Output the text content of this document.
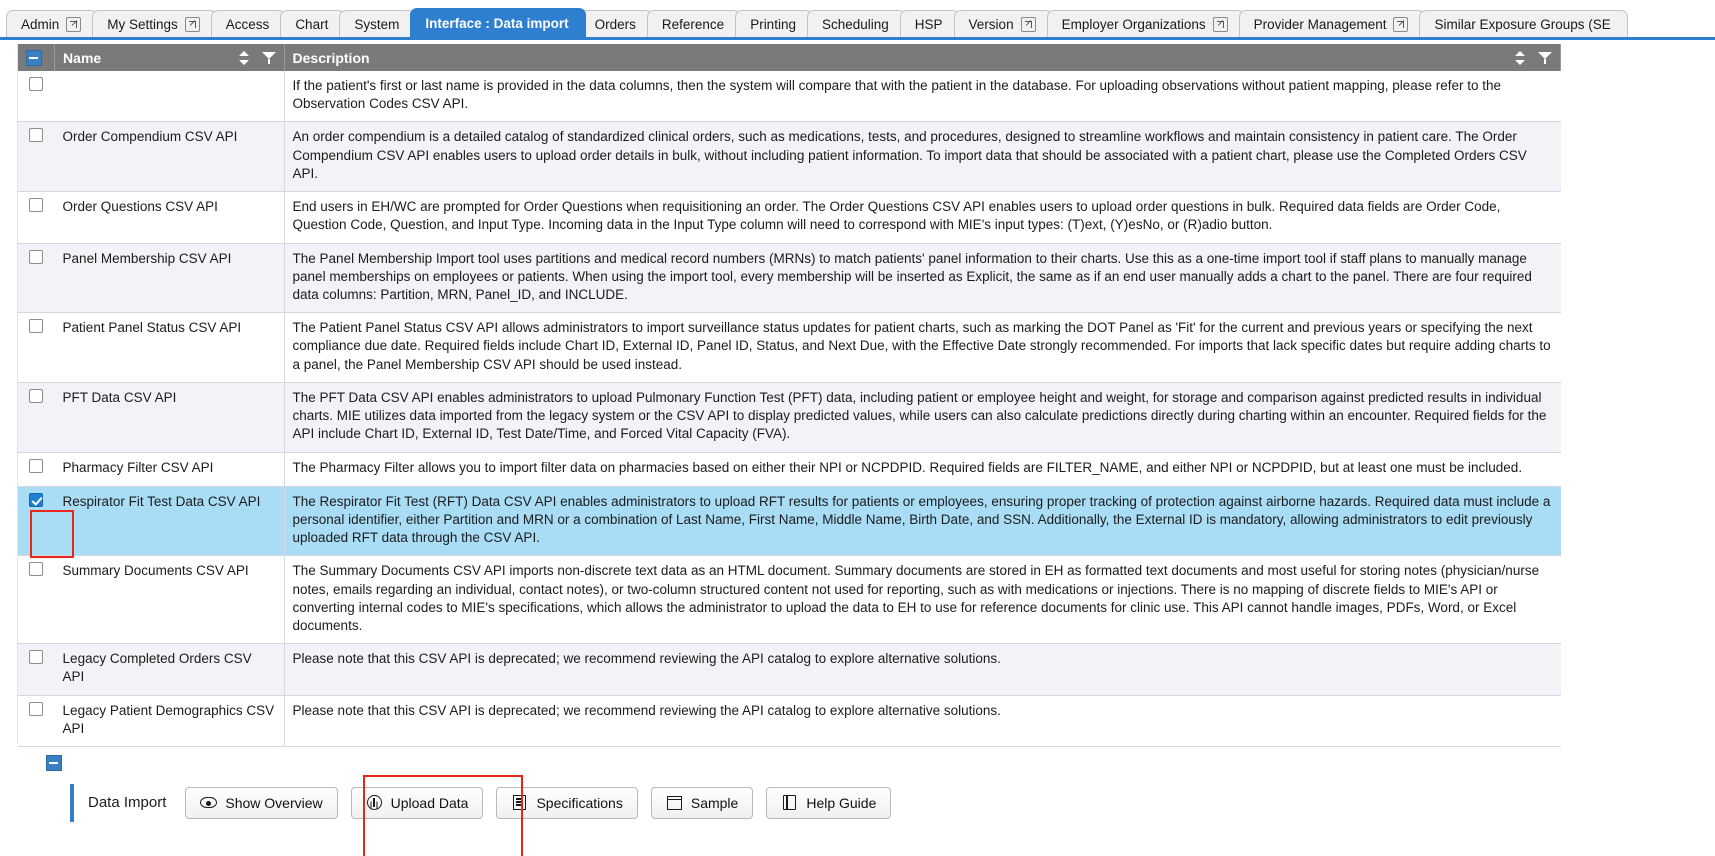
Admin	My Settings	Access Chart System Interface : Data import Orders Reference Printing Scheduling HSP Version	Employer Organizations	Provider Management	Similar Exposure Groups (SE

	Name	Description

		If the patient's first or last name is provided in the data columns, then the system will compare that with the patient in the database. For uploading observations without patient mapping, please refer to the Observation Codes CSV API.
	Order Compendium CSV API	An order compendium is a detailed catalog of standardized clinical orders, such as medications, tests, and procedures, designed to streamline workflows and maintain consistency in patient care. The Order Compendium CSV API enables users to upload order details in bulk, without including patient information. To import data that should be associated with a patient chart, please use the Completed Orders CSV API.
	Order Questions CSV API	End users in EH/WC are prompted for Order Questions when requisitioning an order. The Order Questions CSV API enables users to upload order questions in bulk. Required data fields are Order Code, Question Code, Question, and Input Type. Incoming data in the Input Type column will need to correspond with MIE's input types: (T)ext, (Y)esNo, or (R)adio button.
	Panel Membership CSV API	The Panel Membership Import tool uses partitions and medical record numbers (MRNs) to match patients' panel information to their charts. Use this as a one-time import tool if staff plans to manually manage panel memberships on employees or patients. When using the import tool, every membership will be inserted as Explicit, the same as if an end user manually adds a chart to the panel. There are four required data columns: Partition, MRN, Panel_ID, and INCLUDE.
	Patient Panel Status CSV API	The Patient Panel Status CSV API allows administrators to import surveillance status updates for patient charts, such as marking the DOT Panel as 'Fit' for the current and previous years or specifying the next compliance due date. Required fields include Chart ID, External ID, Panel ID, Status, and Next Due, with the Effective Date strongly recommended. For imports that lack specific dates but require adding charts to a panel, the Panel Membership CSV API should be used instead.
	PFT Data CSV API	The PFT Data CSV API enables administrators to upload Pulmonary Function Test (PFT) data, including patient or employee height and weight, for storage and comparison against predicted results in individual charts. MIE utilizes data imported from the legacy system or the CSV API to display predicted values, while users can also calculate predictions directly during charting within an encounter. Required fields for the API include Chart ID, External ID, Test Date/Time, and Forced Vital Capacity (FVA).
	Pharmacy Filter CSV API	The Pharmacy Filter allows you to import filter data on pharmacies based on either their NPI or NCPDPID. Required fields are FILTER_NAME, and either NPI or NCPDPID, but at least one must be included.
	Respirator Fit Test Data CSV API	The Respirator Fit Test (RFT) Data CSV API enables administrators to upload RFT results for patients or employees, ensuring proper tracking of protection against airborne hazards. Required data must include a personal identifier, either Partition and MRN or a combination of Last Name, First Name, Middle Name, Birth Date, and SSN. Additionally, the External ID is mandatory, allowing administrators to edit previously uploaded RFT data through the CSV API.
	Summary Documents CSV API	The Summary Documents CSV API imports non-discrete text data as an HTML document. Summary documents are stored in EH as formatted text documents and most useful for storing notes (physician/nurse notes, emails regarding an individual, contact notes), or two-column structured content not used for reporting, such as with medications or injections. There is no mapping of discrete fields to MIE's API or converting internal codes to MIE's specifications, which allows the administrator to upload the data to EH to use for reference documents for clinic use. This API cannot handle images, PDFs, Word, or Excel documents.
	Legacy Completed Orders CSV API	Please note that this CSV API is deprecated; we recommend reviewing the API catalog to explore alternative solutions.
	Legacy Patient Demographics CSV API	Please note that this CSV API is deprecated; we recommend reviewing the API catalog to explore alternative solutions.
Data Import	Show Overview	Upload Data	Specifications	Sample	Help Guide
